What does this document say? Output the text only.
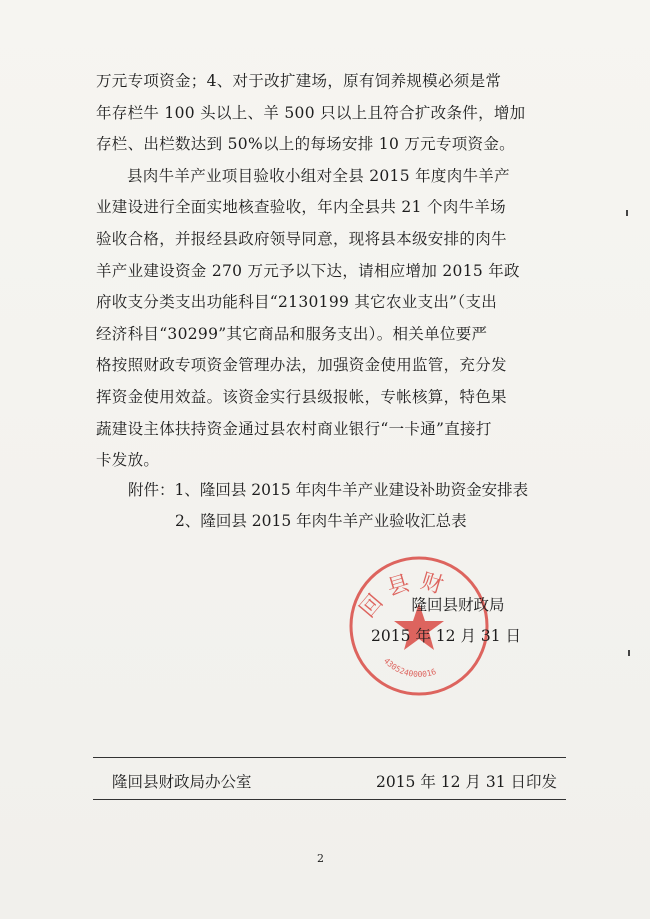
万元专项资金；4、对于改扩建场，原有饲养规模必须是常
年存栏牛 100 头以上、羊 500 只以上且符合扩改条件，增加
存栏、出栏数达到 50%以上的每场安排 10 万元专项资金。
县肉牛羊产业项目验收小组对全县 2015 年度肉牛羊产
业建设进行全面实地核查验收，年内全县共 21 个肉牛羊场
验收合格，并报经县政府领导同意，现将县本级安排的肉牛
羊产业建设资金 270 万元予以下达，请相应增加 2015 年政
府收支分类支出功能科目“2130199 其它农业支出”（支出
经济科目“30299”其它商品和服务支出）。相关单位要严
格按照财政专项资金管理办法，加强资金使用监管，充分发
挥资金使用效益。该资金实行县级报帐，专帐核算，特色果
蔬建设主体扶持资金通过县农村商业银行“一卡通”直接打
卡发放。
附件：1、隆回县 2015 年肉牛羊产业建设补助资金安排表
2、隆回县 2015 年肉牛羊产业验收汇总表
回县财
430524000016
隆回县财政局
2015 年 12 月 31 日
隆回县财政局办公室	2015 年 12 月 31 日印发
2
